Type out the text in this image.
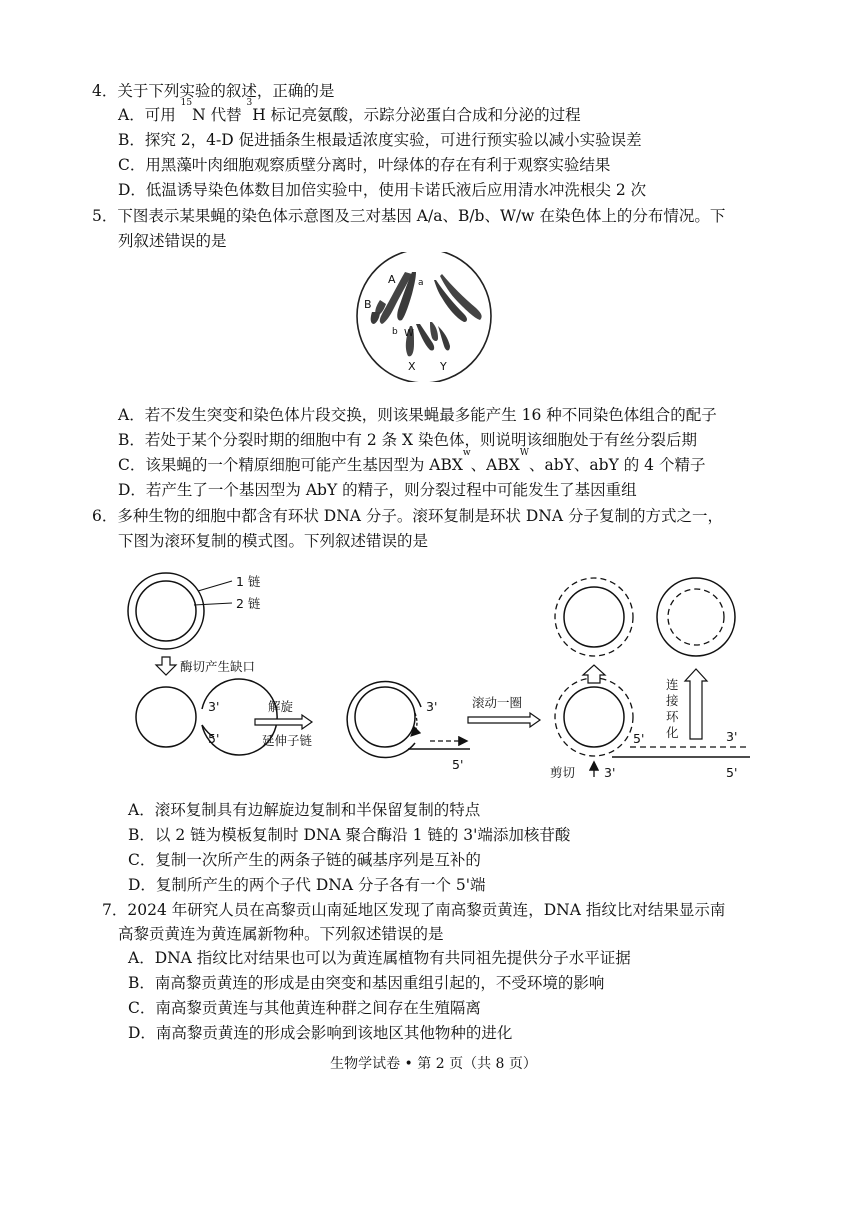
4．关于下列实验的叙述，正确的是
A．可用 $^{15}$N 代替 $^3$H 标记亮氨酸，示踪分泌蛋白合成和分泌的过程
B．探究 2，4-D 促进插条生根最适浓度实验，可进行预实验以减小实验误差
C．用黑藻叶肉细胞观察质壁分离时，叶绿体的存在有利于观察实验结果
D．低温诱导染色体数目加倍实验中，使用卡诺氏液后应用清水冲洗根尖 2 次
5．下图表示某果蝇的染色体示意图及三对基因 A/a、B/b、W/w 在染色体上的分布情况。下
列叙述错误的是
A a
B
b W
X Y
A．若不发生突变和染色体片段交换，则该果蝇最多能产生 16 种不同染色体组合的配子
B．若处于某个分裂时期的细胞中有 2 条 X 染色体，则说明该细胞处于有丝分裂后期
C．该果蝇的一个精原细胞可能产生基因型为 ABX$^w$、$ABX^W$、abY、abY 的 4 个精子
D．若产生了一个基因型为 AbY 的精子，则分裂过程中可能发生了基因重组
6．多种生物的细胞中都含有环状 DNA 分子。滚环复制是环状 DNA 分子复制的方式之一，
下图为滚环复制的模式图。下列叙述错误的是
1 链
2 链
酶切产生缺口
3'
5'
解旋
延伸子链
3'
5'
滚动一圈
5'	3'
3'	5'
剪切
连
接
环
化
A．滚环复制具有边解旋边复制和半保留复制的特点
B．以 2 链为模板复制时 DNA 聚合酶沿 1 链的 3'端添加核苷酸
C．复制一次所产生的两条子链的碱基序列是互补的
D．复制所产生的两个子代 DNA 分子各有一个 5'端
7．2024 年研究人员在高黎贡山南延地区发现了南高黎贡黄连，DNA 指纹比对结果显示南
高黎贡黄连为黄连属新物种。下列叙述错误的是
A．DNA 指纹比对结果也可以为黄连属植物有共同祖先提供分子水平证据
B．南高黎贡黄连的形成是由突变和基因重组引起的，不受环境的影响
C．南高黎贡黄连与其他黄连种群之间存在生殖隔离
D．南高黎贡黄连的形成会影响到该地区其他物种的进化
生物学试卷 • 第 2 页（共 8 页）
